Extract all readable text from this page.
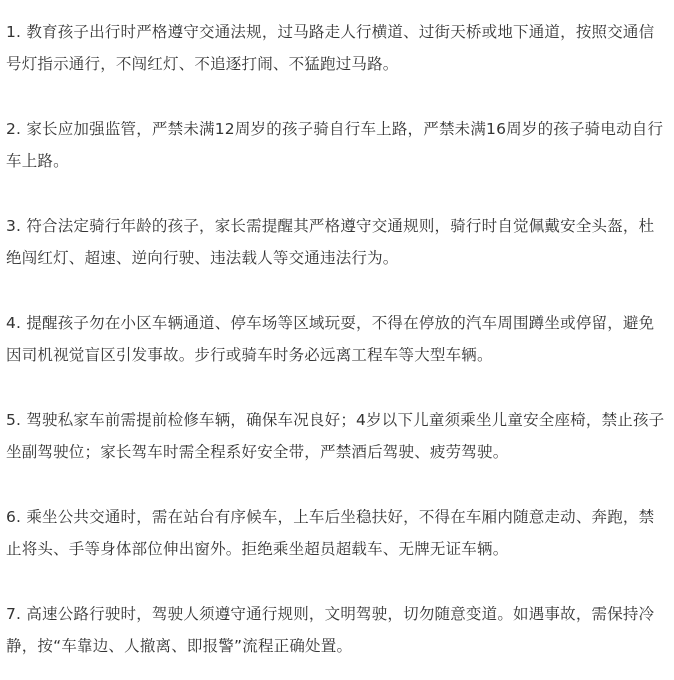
1. 教育孩子出行时严格遵守交通法规，过马路走人行横道、过街天桥或地下通道，按照交通信号灯指示通行，不闯红灯、不追逐打闹、不猛跑过马路。

2. 家长应加强监管，严禁未满12周岁的孩子骑自行车上路，严禁未满16周岁的孩子骑电动自行车上路。

3. 符合法定骑行年龄的孩子，家长需提醒其严格遵守交通规则，骑行时自觉佩戴安全头盔，杜绝闯红灯、超速、逆向行驶、违法载人等交通违法行为。

4. 提醒孩子勿在小区车辆通道、停车场等区域玩耍，不得在停放的汽车周围蹲坐或停留，避免因司机视觉盲区引发事故。步行或骑车时务必远离工程车等大型车辆。

5. 驾驶私家车前需提前检修车辆，确保车况良好；4岁以下儿童须乘坐儿童安全座椅，禁止孩子坐副驾驶位；家长驾车时需全程系好安全带，严禁酒后驾驶、疲劳驾驶。

6. 乘坐公共交通时，需在站台有序候车，上车后坐稳扶好，不得在车厢内随意走动、奔跑，禁止将头、手等身体部位伸出窗外。拒绝乘坐超员超载车、无牌无证车辆。

7. 高速公路行驶时，驾驶人须遵守通行规则，文明驾驶，切勿随意变道。如遇事故，需保持冷静，按“车靠边、人撤离、即报警”流程正确处置。
